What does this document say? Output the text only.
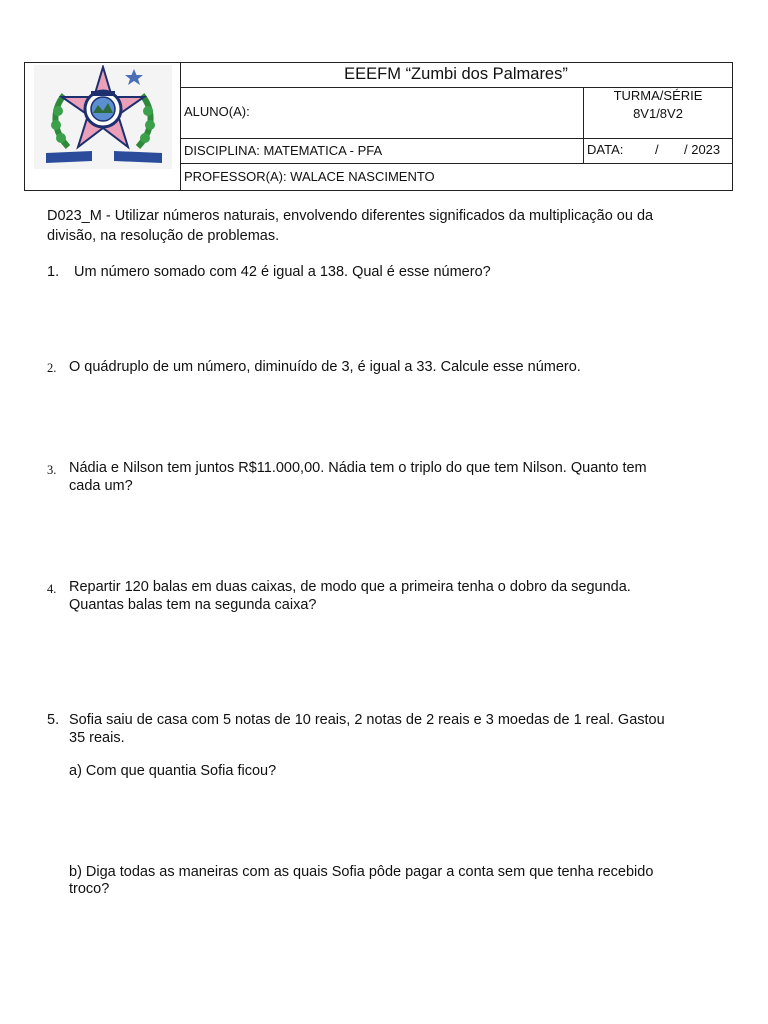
EEEFM “Zumbi dos Palmares”
ALUNO(A):
TURMA/SÉRIE
8V1/8V2
DISCIPLINA: MATEMATICA - PFA	DATA: / / 2023
PROFESSOR(A): WALACE NASCIMENTO
D023_M - Utilizar números naturais, envolvendo diferentes significados da multiplicação ou da
divisão, na resolução de problemas.
1. Um número somado com 42 é igual a 138. Qual é esse número?
2. O quádruplo de um número, diminuído de 3, é igual a 33. Calcule esse número.
3. Nádia e Nilson tem juntos R$11.000,00. Nádia tem o triplo do que tem Nilson. Quanto tem
cada um?
4. Repartir 120 balas em duas caixas, de modo que a primeira tenha o dobro da segunda.
Quantas balas tem na segunda caixa?
5. Sofia saiu de casa com 5 notas de 10 reais, 2 notas de 2 reais e 3 moedas de 1 real. Gastou
35 reais.
a) Com que quantia Sofia ficou?
b) Diga todas as maneiras com as quais Sofia pôde pagar a conta sem que tenha recebido
troco?
